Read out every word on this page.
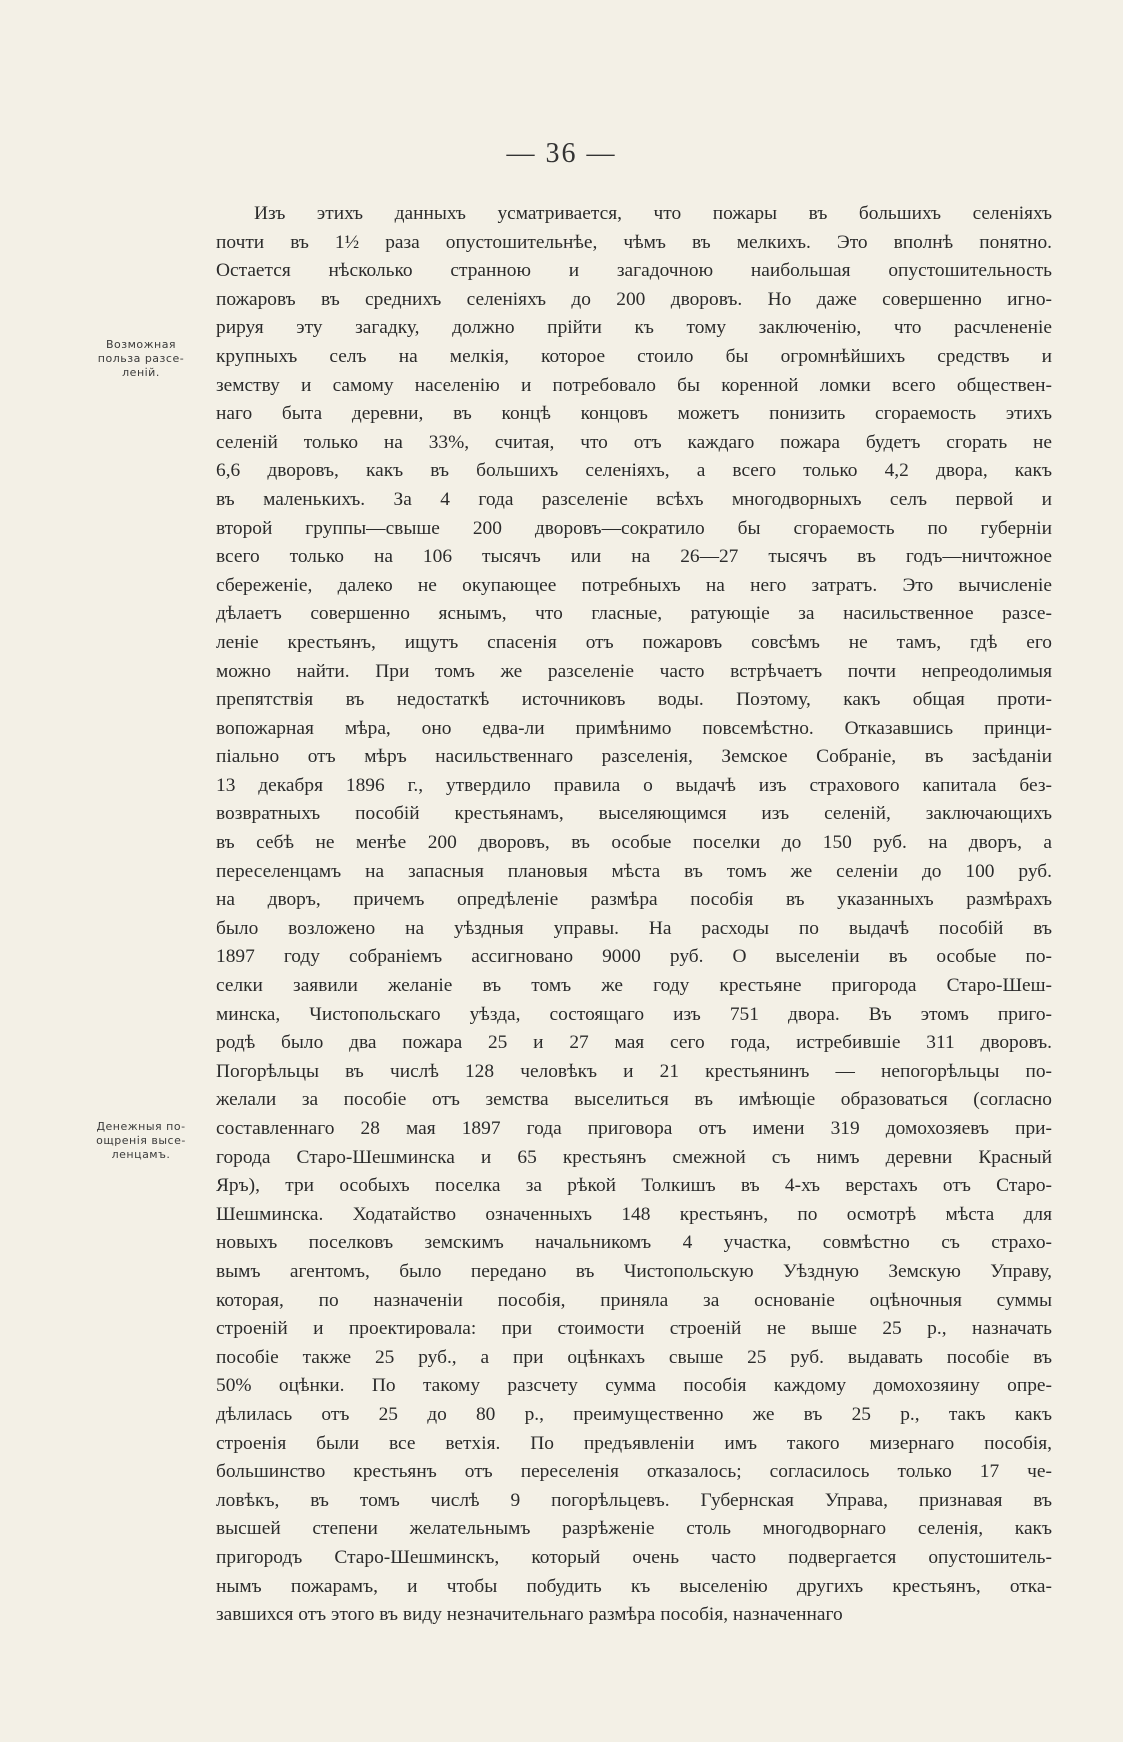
— 36 —
Возможная
польза разсе-
леній.
Денежныя по-
ощренія высе-
ленцамъ.
Изъ этихъ данныхъ усматривается, что пожары въ большихъ селеніяхъ
почти въ 1½ раза опустошительнѣе, чѣмъ въ мелкихъ. Это вполнѣ понятно.
Остается нѣсколько странною и загадочною наибольшая опустошительность
пожаровъ въ среднихъ селеніяхъ до 200 дворовъ. Но даже совершенно игно-
рируя эту загадку, должно прійти къ тому заключенію, что расчлененіе
крупныхъ селъ на мелкія, которое стоило бы огромнѣйшихъ средствъ и
земству и самому населенію и потребовало бы коренной ломки всего обществен-
наго быта деревни, въ концѣ концовъ можетъ понизить сгораемость этихъ
селеній только на 33%, считая, что отъ каждаго пожара будетъ сгорать не
6,6 дворовъ, какъ въ большихъ селеніяхъ, а всего только 4,2 двора, какъ
въ маленькихъ. За 4 года разселеніе всѣхъ многодворныхъ селъ первой и
второй группы—свыше 200 дворовъ—сократило бы сгораемость по губерніи
всего только на 106 тысячъ или на 26—27 тысячъ въ годъ—ничтожное
сбереженіе, далеко не окупающее потребныхъ на него затратъ. Это вычисленіе
дѣлаетъ совершенно яснымъ, что гласные, ратующіе за насильственное разсе-
леніе крестьянъ, ищутъ спасенія отъ пожаровъ совсѣмъ не тамъ, гдѣ его
можно найти. При томъ же разселеніе часто встрѣчаетъ почти непреодолимыя
препятствія въ недостаткѣ источниковъ воды. Поэтому, какъ общая проти-
вопожарная мѣра, оно едва-ли примѣнимо повсемѣстно. Отказавшись принци-
піально отъ мѣръ насильственнаго разселенія, Земское Собраніе, въ засѣданіи
13 декабря 1896 г., утвердило правила о выдачѣ изъ страхового капитала без-
возвратныхъ пособій крестьянамъ, выселяющимся изъ селеній, заключающихъ
въ себѣ не менѣе 200 дворовъ, въ особые поселки до 150 руб. на дворъ, а
переселенцамъ на запасныя плановыя мѣста въ томъ же селеніи до 100 руб.
на дворъ, причемъ опредѣленіе размѣра пособія въ указанныхъ размѣрахъ
было возложено на уѣздныя управы. На расходы по выдачѣ пособій въ
1897 году собраніемъ ассигновано 9000 руб. О выселеніи въ особые по-
селки заявили желаніе въ томъ же году крестьяне пригорода Старо-Шеш-
минска, Чистопольскаго уѣзда, состоящаго изъ 751 двора. Въ этомъ приго-
родѣ было два пожара 25 и 27 мая сего года, истребившіе 311 дворовъ.
Погорѣльцы въ числѣ 128 человѣкъ и 21 крестьянинъ — непогорѣльцы по-
желали за пособіе отъ земства выселиться въ имѣющіе образоваться (согласно
составленнаго 28 мая 1897 года приговора отъ имени 319 домохозяевъ при-
города Старо-Шешминска и 65 крестьянъ смежной съ нимъ деревни Красный
Яръ), три особыхъ поселка за рѣкой Толкишъ въ 4-хъ верстахъ отъ Старо-
Шешминска. Ходатайство означенныхъ 148 крестьянъ, по осмотрѣ мѣста для
новыхъ поселковъ земскимъ начальникомъ 4 участка, совмѣстно съ страхо-
вымъ агентомъ, было передано въ Чистопольскую Уѣздную Земскую Управу,
которая, по назначеніи пособія, приняла за основаніе оцѣночныя суммы
строеній и проектировала: при стоимости строеній не выше 25 р., назначать
пособіе также 25 руб., а при оцѣнкахъ свыше 25 руб. выдавать пособіе въ
50% оцѣнки. По такому разсчету сумма пособія каждому домохозяину опре-
дѣлилась отъ 25 до 80 р., преимущественно же въ 25 р., такъ какъ
строенія были все ветхія. По предъявленіи имъ такого мизернаго пособія,
большинство крестьянъ отъ переселенія отказалось; согласилось только 17 че-
ловѣкъ, въ томъ числѣ 9 погорѣльцевъ. Губернская Управа, признавая въ
высшей степени желательнымъ разрѣженіе столь многодворнаго селенія, какъ
пригородъ Старо-Шешминскъ, который очень часто подвергается опустошитель-
нымъ пожарамъ, и чтобы побудить къ выселенію другихъ крестьянъ, отка-
завшихся отъ этого въ виду незначительнаго размѣра пособія, назначеннаго
